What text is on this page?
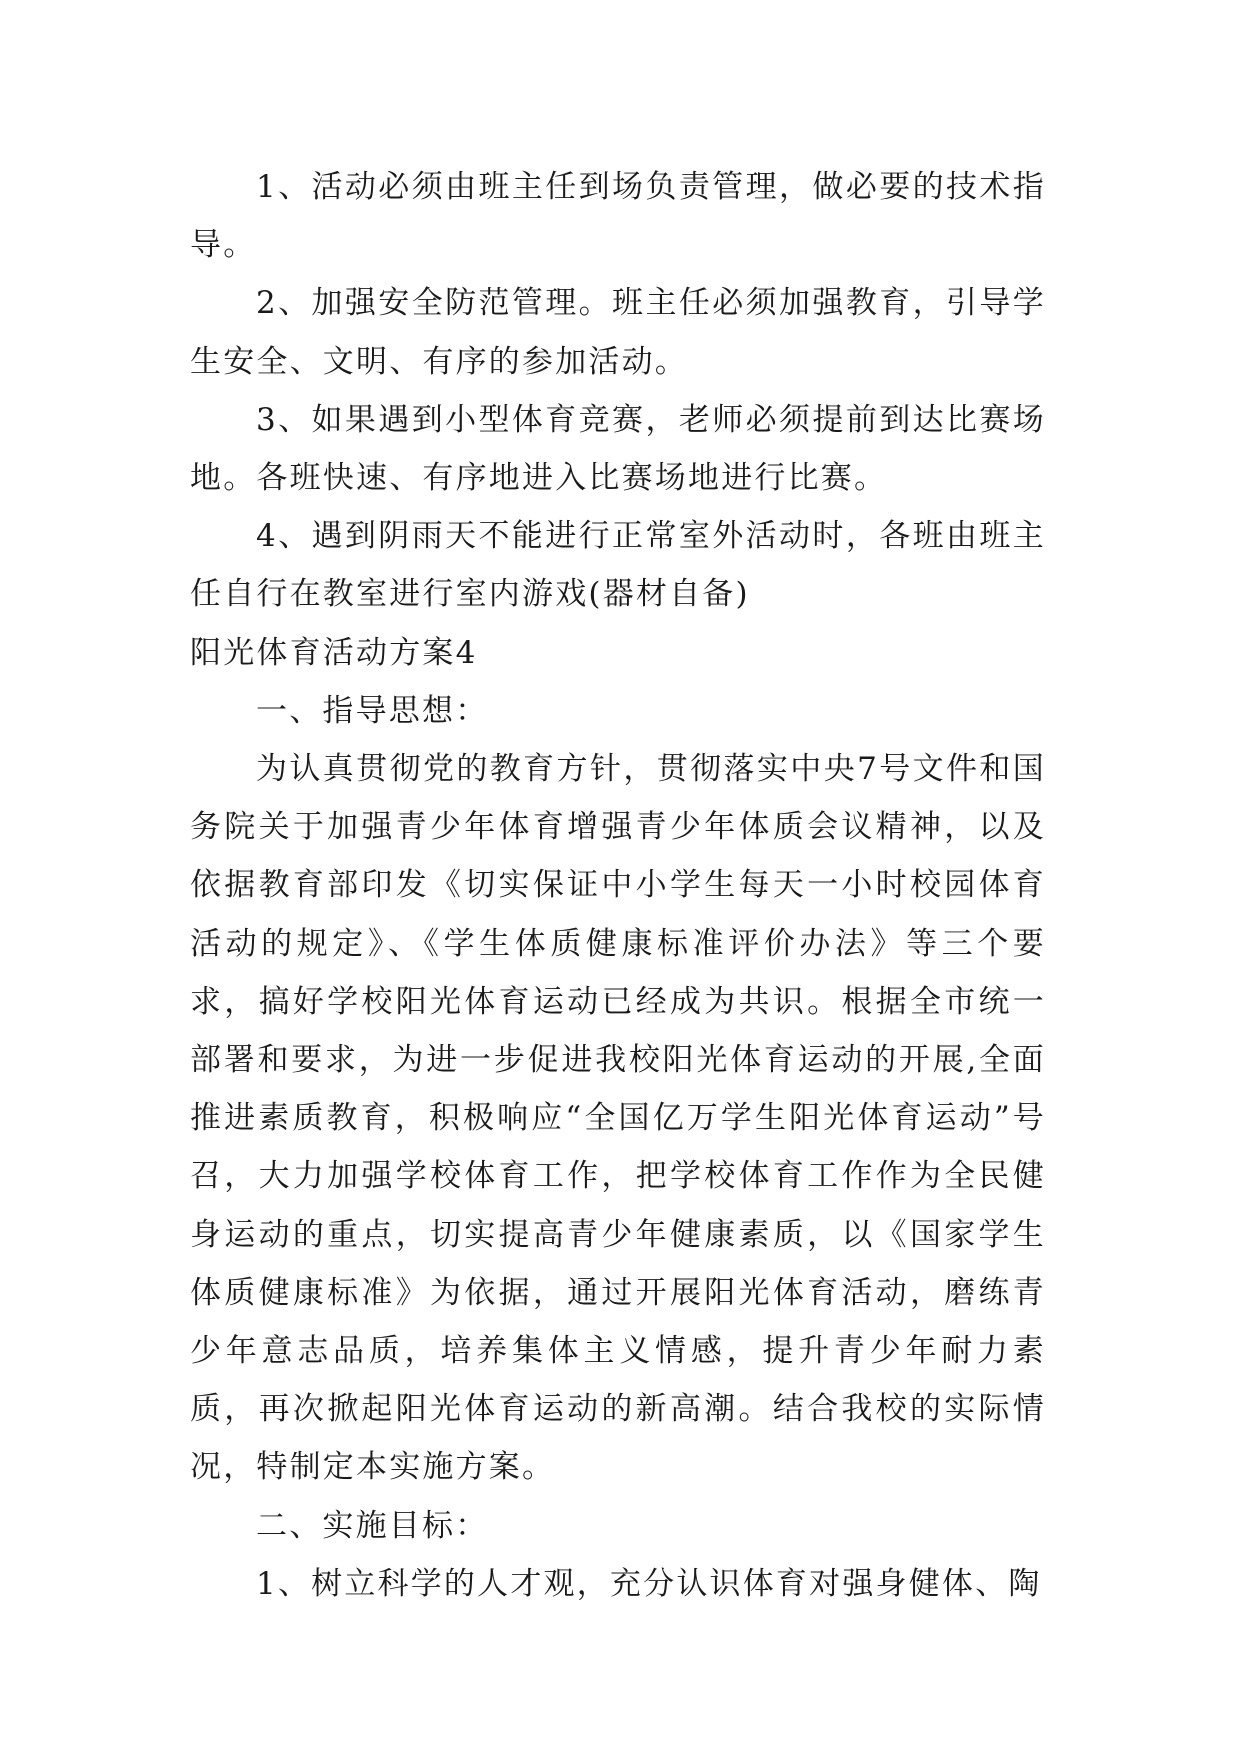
1、活动必须由班主任到场负责管理，做必要的技术指导。

2、加强安全防范管理。班主任必须加强教育，引导学生安全、文明、有序的参加活动。

3、如果遇到小型体育竞赛，老师必须提前到达比赛场地。各班快速、有序地进入比赛场地进行比赛。

4、遇到阴雨天不能进行正常室外活动时，各班由班主任自行在教室进行室内游戏(器材自备)

阳光体育活动方案4

一、指导思想：

为认真贯彻党的教育方针，贯彻落实中央7号文件和国务院关于加强青少年体育增强青少年体质会议精神，以及依据教育部印发《切实保证中小学生每天一小时校园体育活动的规定》、《学生体质健康标准评价办法》等三个要求，搞好学校阳光体育运动已经成为共识。根据全市统一部署和要求，为进一步促进我校阳光体育运动的开展,全面推进素质教育，积极响应“全国亿万学生阳光体育运动”号召，大力加强学校体育工作，把学校体育工作作为全民健身运动的重点，切实提高青少年健康素质，以《国家学生体质健康标准》为依据，通过开展阳光体育活动，磨练青少年意志品质，培养集体主义情感，提升青少年耐力素质，再次掀起阳光体育运动的新高潮。结合我校的实际情况，特制定本实施方案。

二、实施目标：

1、树立科学的人才观，充分认识体育对强身健体、陶
